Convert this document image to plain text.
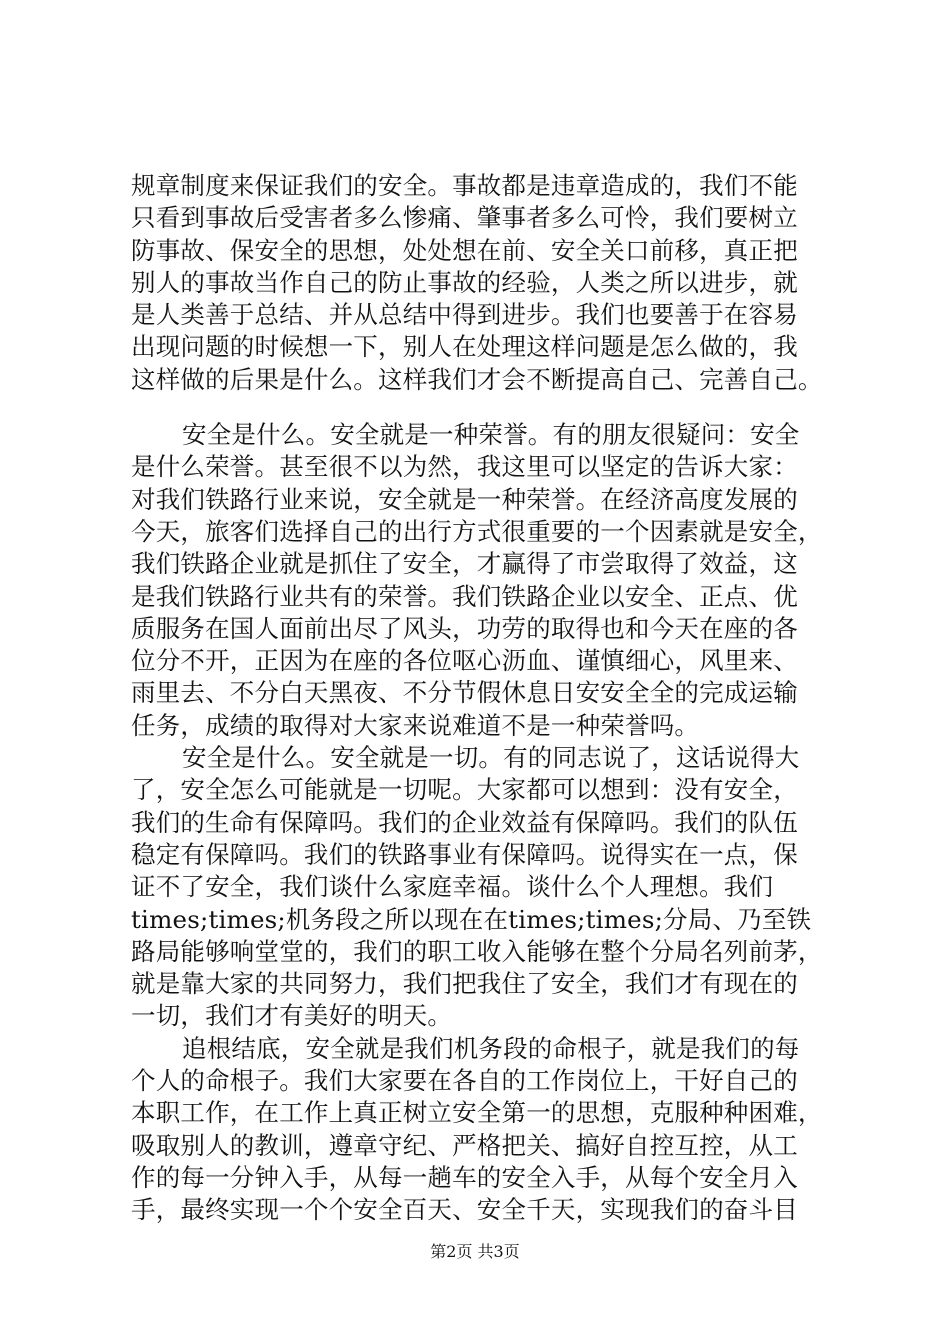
规章制度来保证我们的安全。事故都是违章造成的，我们不能
只看到事故后受害者多么惨痛、肇事者多么可怜，我们要树立
防事故、保安全的思想，处处想在前、安全关口前移，真正把
别人的事故当作自己的防止事故的经验，人类之所以进步，就
是人类善于总结、并从总结中得到进步。我们也要善于在容易
出现问题的时候想一下，别人在处理这样问题是怎么做的，我
这样做的后果是什么。这样我们才会不断提高自己、完善自己。
安全是什么。安全就是一种荣誉。有的朋友很疑问：安全
是什么荣誉。甚至很不以为然，我这里可以坚定的告诉大家：
对我们铁路行业来说，安全就是一种荣誉。在经济高度发展的
今天，旅客们选择自己的出行方式很重要的一个因素就是安全，
我们铁路企业就是抓住了安全，才赢得了市尝取得了效益，这
是我们铁路行业共有的荣誉。我们铁路企业以安全、正点、优
质服务在国人面前出尽了风头，功劳的取得也和今天在座的各
位分不开，正因为在座的各位呕心沥血、谨慎细心，风里来、
雨里去、不分白天黑夜、不分节假休息日安安全全的完成运输
任务，成绩的取得对大家来说难道不是一种荣誉吗。
安全是什么。安全就是一切。有的同志说了，这话说得大
了，安全怎么可能就是一切呢。大家都可以想到：没有安全，
我们的生命有保障吗。我们的企业效益有保障吗。我们的队伍
稳定有保障吗。我们的铁路事业有保障吗。说得实在一点，保
证不了安全，我们谈什么家庭幸福。谈什么个人理想。我们
times;times;机务段之所以现在在times;times;分局、乃至铁
路局能够响堂堂的，我们的职工收入能够在整个分局名列前茅，
就是靠大家的共同努力，我们把我住了安全，我们才有现在的
一切，我们才有美好的明天。
追根结底，安全就是我们机务段的命根子，就是我们的每
个人的命根子。我们大家要在各自的工作岗位上，干好自己的
本职工作，在工作上真正树立安全第一的思想，克服种种困难，
吸取别人的教训，遵章守纪、严格把关、搞好自控互控，从工
作的每一分钟入手，从每一趟车的安全入手，从每个安全月入
手，最终实现一个个安全百天、安全千天，实现我们的奋斗目
第2页 共3页
